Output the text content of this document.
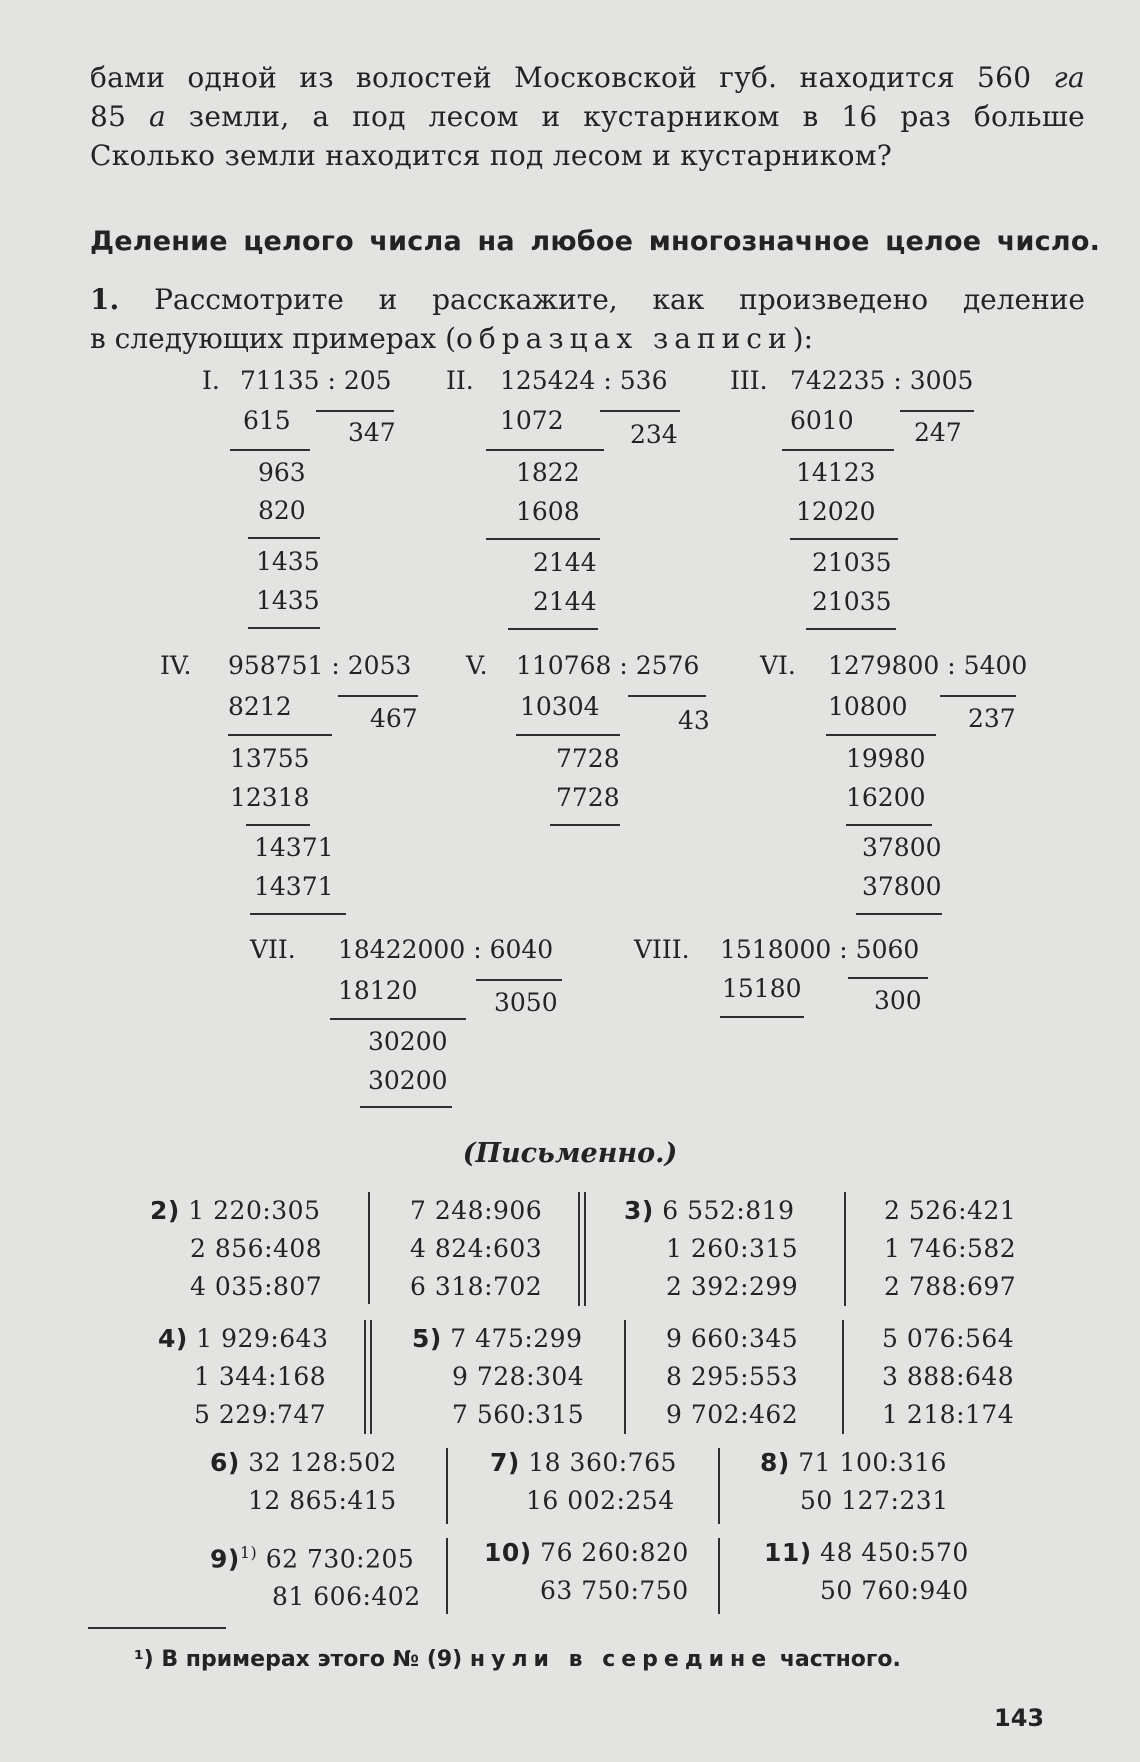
бами одной из волостей Московской губ. находится 560 га
85 а земли, а под лесом и кустарником в 16 раз больше
Сколько земли находится под лесом и кустарником?
Деление целого числа на любое многозначное целое число.
1. Рассмотрите и расскажите, как произведено деление
в следующих примерах (образцах записи):
I. 71135 : 205
615 347
963
820
1435
1435
II. 125424 : 536
1072	234
1822
1608
2144
2144
III. 742235 : 3005
6010 247
14123
12020
21035
21035
IV. 958751 : 2053
8212	467
13755
12318
14371
14371
V. 110768 : 2576
10304	43
7728
7728
VI. 1279800 : 5400
10800 237
19980
16200
37800
37800
VII. 18422000 : 6040
18120	3050
30200
30200
VIII. 1518000 : 5060
15180	300
(Письменно.)
2) 1 220:305
2 856:408
4 035:807
7 248:906
4 824:603
6 318:702
3) 6 552:819
1 260:315
2 392:299
2 526:421
1 746:582
2 788:697
4) 1 929:643
1 344:168
5 229:747
5) 7 475:299
9 728:304
7 560:315
9 660:345
8 295:553
9 702:462
5 076:564
3 888:648
1 218:174
6) 32 128:502
12 865:415
7) 18 360:765
16 002:254
8) 71 100:316
50 127:231
9)$^{1)}$ 62 730:205
81 606:402
10) 76 260:820
63 750:750
11) 48 450:570
50 760:940
¹) В примерах этого № (9) нули в середине частного.
143
